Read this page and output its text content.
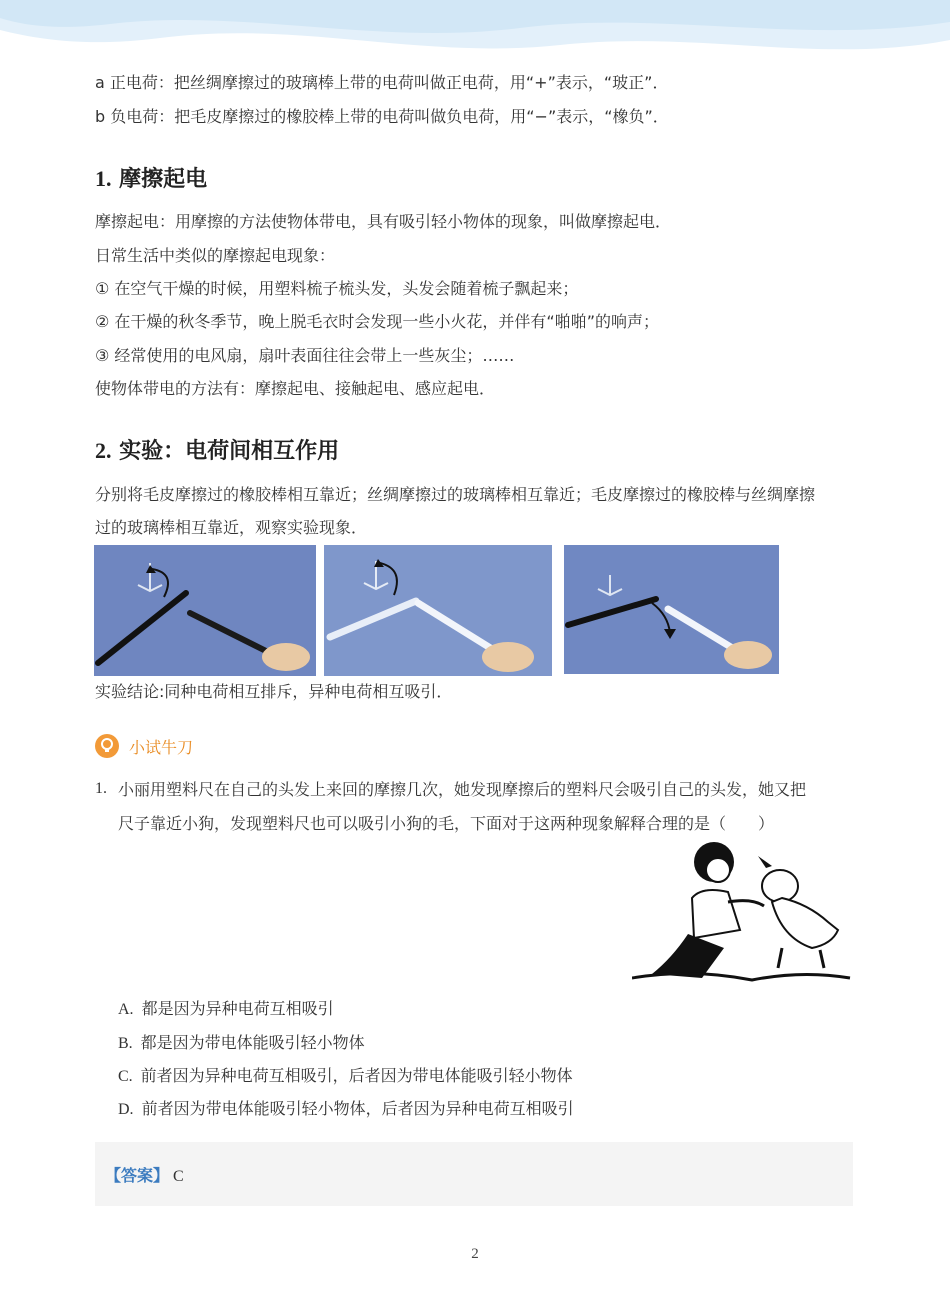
a 正电荷：把丝绸摩擦过的玻璃棒上带的电荷叫做正电荷，用“+”表示，“玻正”．
b 负电荷：把毛皮摩擦过的橡胶棒上带的电荷叫做负电荷，用“−”表示，“橡负”．
1. 摩擦起电
摩擦起电：用摩擦的方法使物体带电，具有吸引轻小物体的现象，叫做摩擦起电．
日常生活中类似的摩擦起电现象：
① 在空气干燥的时候，用塑料梳子梳头发，头发会随着梳子飘起来；
② 在干燥的秋冬季节，晚上脱毛衣时会发现一些小火花，并伴有“啪啪”的响声；
③ 经常使用的电风扇，扇叶表面往往会带上一些灰尘；……
使物体带电的方法有：摩擦起电、接触起电、感应起电．
2. 实验：电荷间相互作用
分别将毛皮摩擦过的橡胶棒相互靠近；丝绸摩擦过的玻璃棒相互靠近；毛皮摩擦过的橡胶棒与丝绸摩擦
过的玻璃棒相互靠近，观察实验现象．
实验结论:同种电荷相互排斥，异种电荷相互吸引．
小试牛刀
1. 小丽用塑料尺在自己的头发上来回的摩擦几次，她发现摩擦后的塑料尺会吸引自己的头发，她又把
尺子靠近小狗，发现塑料尺也可以吸引小狗的毛，下面对于这两种现象解释合理的是（　　）
A. 都是因为异种电荷互相吸引
B. 都是因为带电体能吸引轻小物体
C. 前者因为异种电荷互相吸引，后者因为带电体能吸引轻小物体
D. 前者因为带电体能吸引轻小物体，后者因为异种电荷互相吸引
【答案】 C
2
